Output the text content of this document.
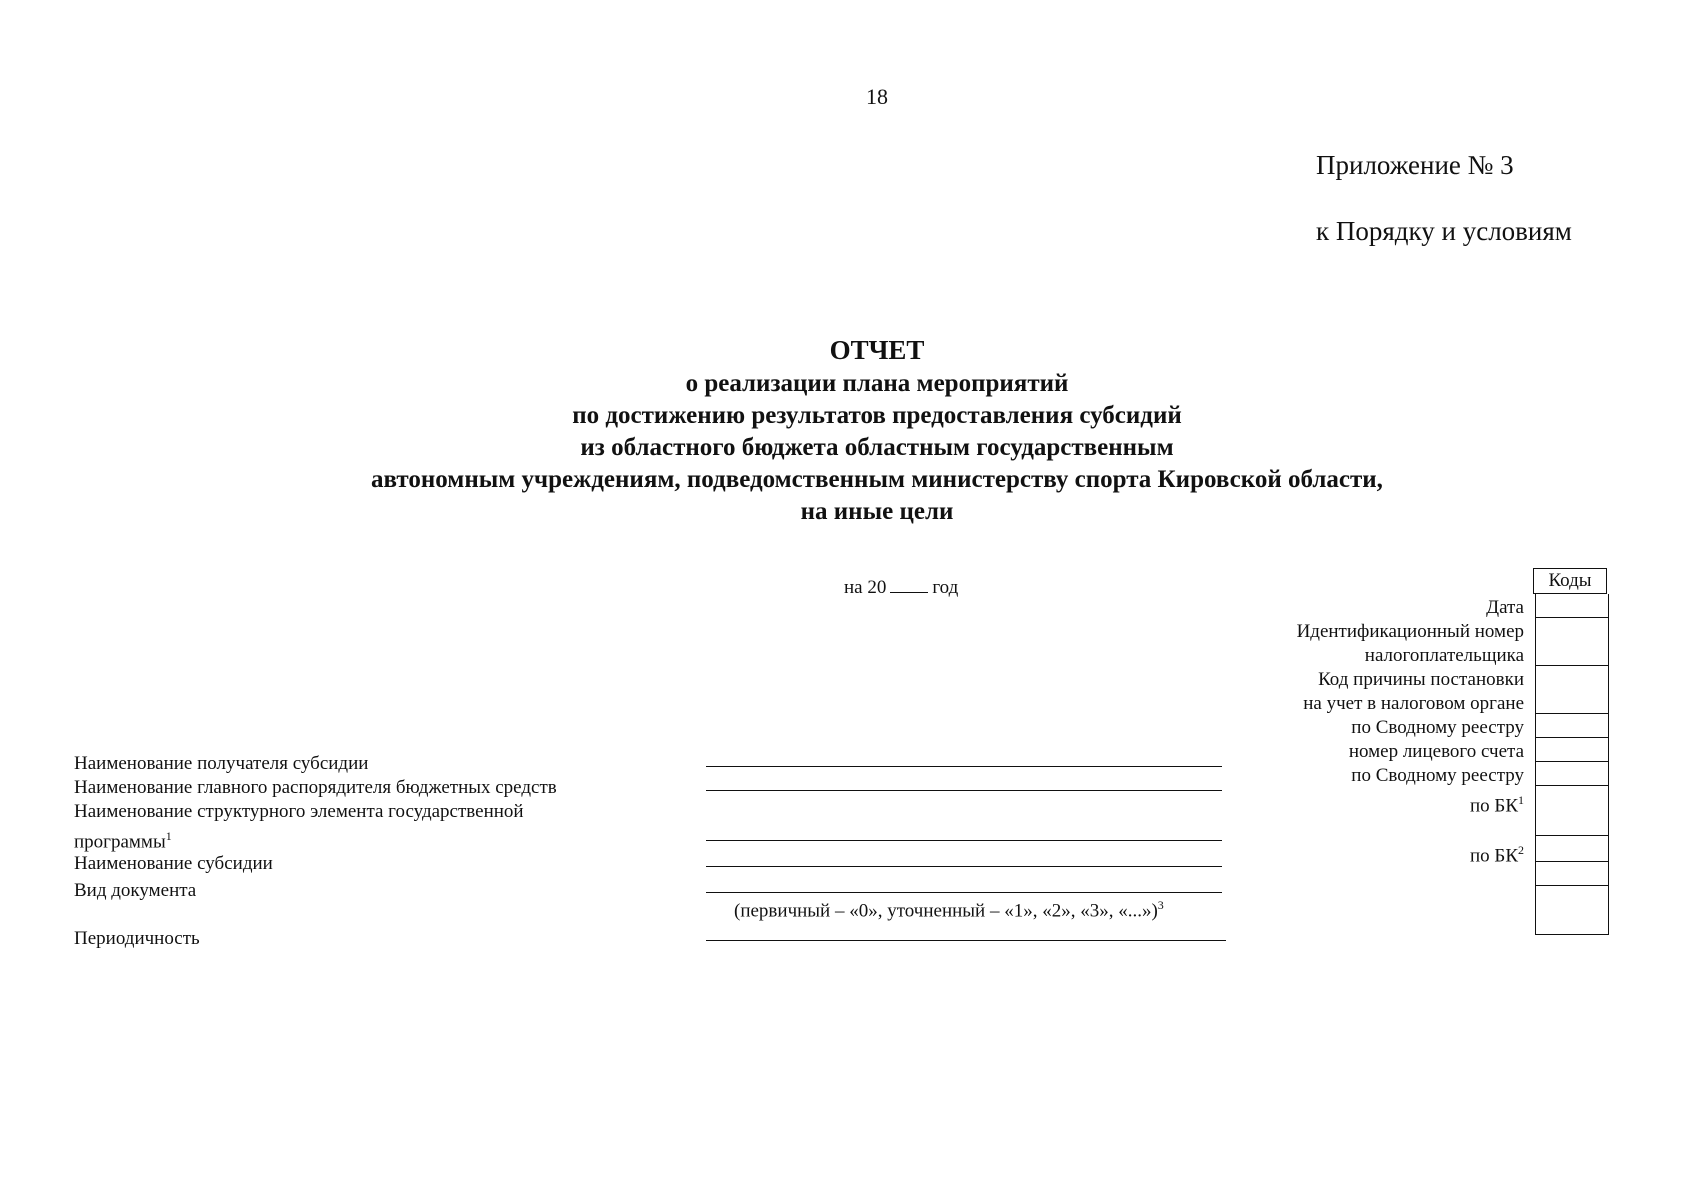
18
Приложение № 3
к Порядку и условиям
ОТЧЕТ
о реализации плана мероприятий
по достижению результатов предоставления субсидий
из областного бюджета областным государственным
автономным учреждениям, подведомственным министерству спорта Кировской области,
на иные цели
на 20 год	Коды
Дата
Идентификационный номер
налогоплательщика
Код причины постановки
на учет в налоговом органе
по Сводному реестру
номер лицевого счета
по Сводному реестру
по $БК^1$
по $БК^2$
Наименование получателя субсидии
Наименование главного распорядителя бюджетных средств
Наименование структурного элемента государственной
программы$^1$
Наименование субсидии
Вид документа
Периодичность
(первичный – «0», уточненный – «1», «2», «3», «...»)$^3$
